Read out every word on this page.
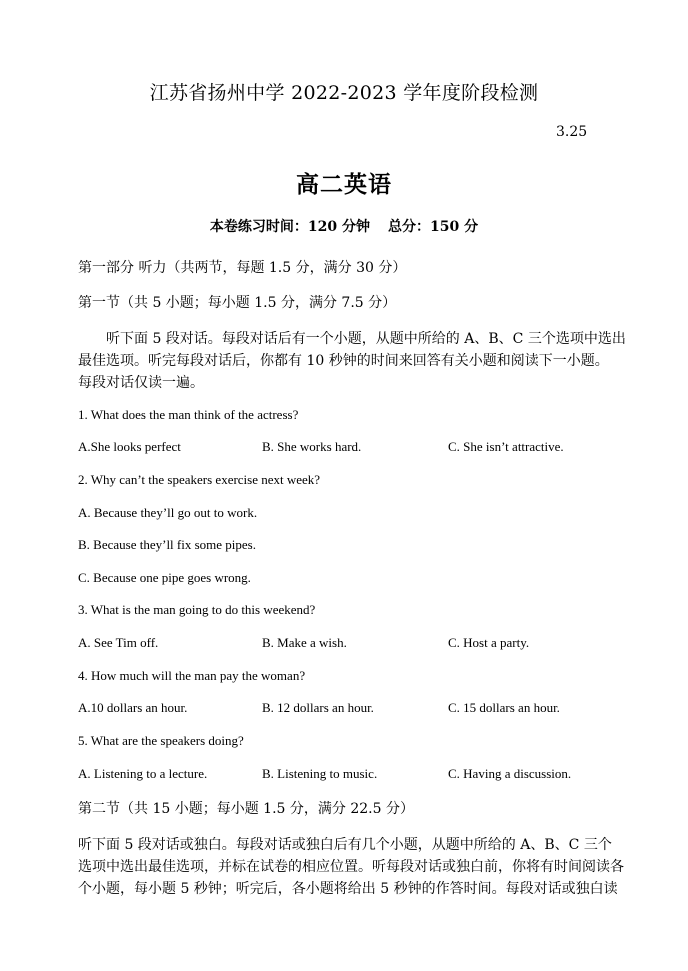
江苏省扬州中学 2022-2023 学年度阶段检测
3.25
高二英语
本卷练习时间：120 分钟 总分：150 分
第一部分 听力（共两节，每题 1.5 分，满分 30 分）
第一节（共 5 小题；每小题 1.5 分，满分 7.5 分）
听下面 5 段对话。每段对话后有一个小题，从题中所给的 A、B、C 三个选项中选出
最佳选项。听完每段对话后，你都有 10 秒钟的时间来回答有关小题和阅读下一小题。
每段对话仅读一遍。
1. What does the man think of the actress?
A.She looks perfect	B. She works hard.	C. She isn’t attractive.
2. Why can’t the speakers exercise next week?
A. Because they’ll go out to work.
B. Because they’ll fix some pipes.
C. Because one pipe goes wrong.
3. What is the man going to do this weekend?
A. See Tim off.	B. Make a wish.	C. Host a party.
4. How much will the man pay the woman?
A.10 dollars an hour.	B. 12 dollars an hour.	C. 15 dollars an hour.
5. What are the speakers doing?
A. Listening to a lecture.	B. Listening to music.	C. Having a discussion.
第二节（共 15 小题；每小题 1.5 分，满分 22.5 分）
听下面 5 段对话或独白。每段对话或独白后有几个小题，从题中所给的 A、B、C 三个
选项中选出最佳选项，并标在试卷的相应位置。听每段对话或独白前，你将有时间阅读各
个小题，每小题 5 秒钟；听完后，各小题将给出 5 秒钟的作答时间。每段对话或独白读
